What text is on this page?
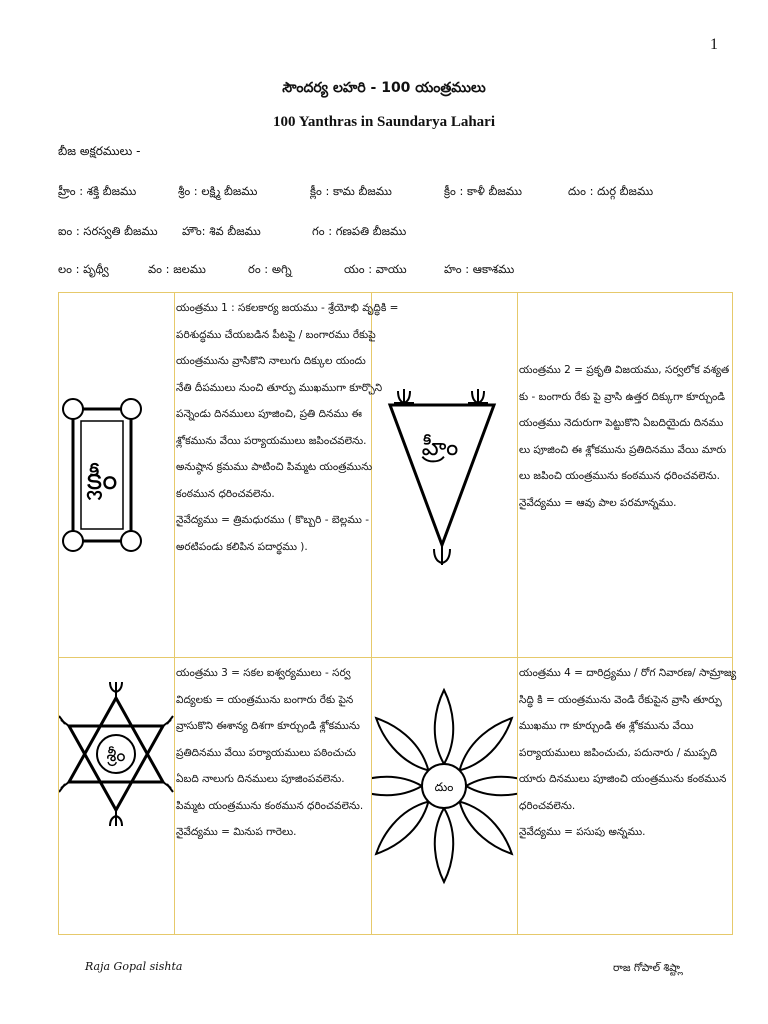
1
సౌందర్య లహరి - 100 యంత్రములు
100 Yanthras in Saundarya Lahari
బీజ అక్షరములు -
హ్రీం : శక్తి బీజము	శ్రీం : లక్ష్మి బీజము	క్లీం : కామ బీజము	క్రీం : కాళీ బీజము	దుం : దుర్గ బీజము
ఐం : సరస్వతి బీజము హౌం: శివ బీజము	గం : గణపతి బీజము
లం : పృథ్వీ	వం : జలము	రం : అగ్ని	యం : వాయు	హం : ఆకాశము
క్లీం
యంత్రము 1 : సకలకార్య జయము - శ్రేయోభి వృద్ధికి =
పరిశుద్ధము చేయబడిన పీటపై / బంగారము రేకుపై
యంత్రమును వ్రాసికొని నాలుగు దిక్కుల యందు
నేతి దీపములు నుంచి తూర్పు ముఖముగా కూర్చొని
పన్నెండు దినములు పూజించి, ప్రతి దినము ఈ
శ్లోకమును వేయి పర్యాయములు జపించవలెను.
అనుష్ఠాన క్రమము పాటించి పిమ్మట యంత్రమును
కంఠమున ధరించవలెను.
నైవేద్యము = త్రిమధురము ( కొబ్బరి - బెల్లము -
అరటిపండు కలిపిన పదార్థము ).
హ్రీం
యంత్రము 2 = ప్రకృతి విజయము, సర్వలోక వశ్యత
కు - బంగారు రేకు పై వ్రాసి ఉత్తర దిక్కుగా కూర్చుండి
యంత్రము నెదురుగా పెట్టుకొని ఏబదియైదు దినము
లు పూజించి ఈ శ్లోకమును ప్రతిదినము వేయి మారు
లు జపించి యంత్రమును కంఠమున ధరించవలెను.
నైవేద్యము = ఆవు పాల పరమాన్నము.
శ్రీం
యంత్రము 3 = సకల ఐశ్వర్యములు - సర్వ
విద్యలకు = యంత్రమును బంగారు రేకు పైన
వ్రాసుకొని ఈశాన్య దిశగా కూర్చుండి శ్లోకమును
ప్రతిదినము వేయి పర్యాయములు పఠించుచు
ఏబది నాలుగు దినములు పూజింపవలెను.
పిమ్మట యంత్రమును కంఠమున ధరించవలెను.
నైవేద్యము = మినుప గారెలు.
దుం
యంత్రము 4 = దారిద్ర్యము / రోగ నివారణ/ సామ్రాజ్య
సిద్ధి కి = యంత్రమును వెండి రేకుపైన వ్రాసి తూర్పు
ముఖము గా కూర్చుండి ఈ శ్లోకమును వేయి
పర్యాయములు జపించుచు, పదునారు / ముప్పది
యారు దినములు పూజించి యంత్రమును కంఠమున
ధరించవలెను.
నైవేద్యము = పసుపు అన్నము.
Raja Gopal sishta	రాజ గోపాల్ శిష్ట్లా
